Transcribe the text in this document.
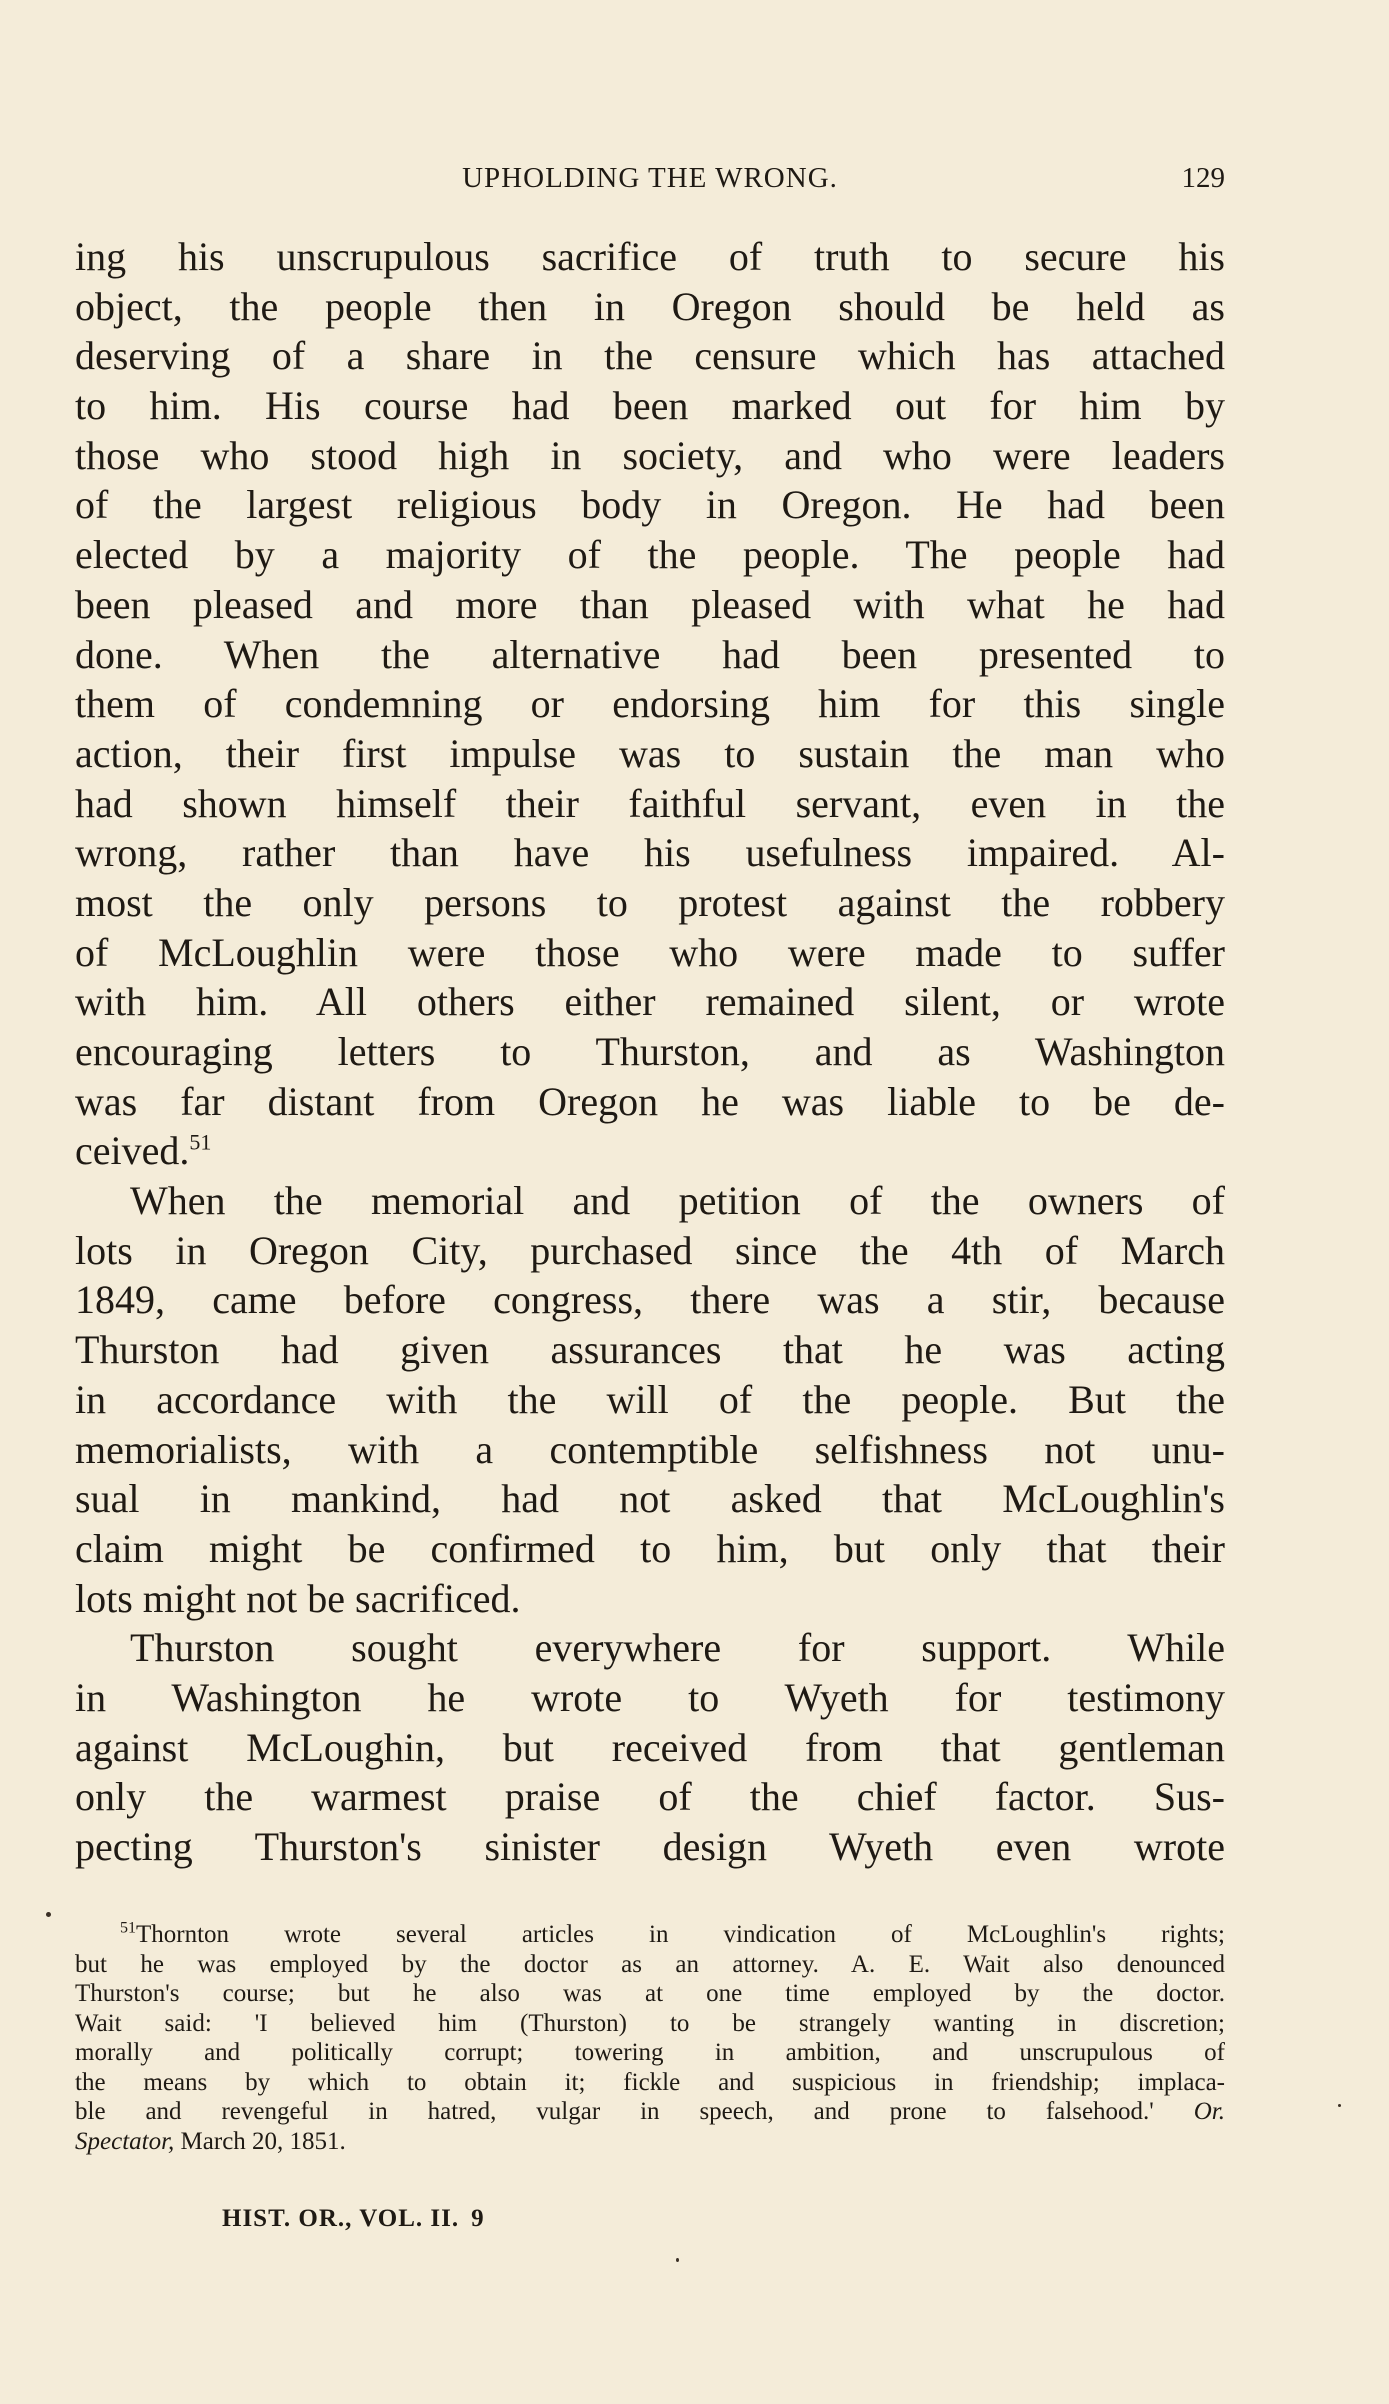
UPHOLDING THE WRONG.	129
ing his unscrupulous sacrifice of truth to secure his
object, the people then in Oregon should be held as
deserving of a share in the censure which has attached
to him. His course had been marked out for him by
those who stood high in society, and who were leaders
of the largest religious body in Oregon. He had been
elected by a majority of the people. The people had
been pleased and more than pleased with what he had
done. When the alternative had been presented to
them of condemning or endorsing him for this single
action, their first impulse was to sustain the man who
had shown himself their faithful servant, even in the
wrong, rather than have his usefulness impaired. Al-
most the only persons to protest against the robbery
of McLoughlin were those who were made to suffer
with him. All others either remained silent, or wrote
encouraging letters to Thurston, and as Washington
was far distant from Oregon he was liable to be de-
ceived.$^{51}$
When the memorial and petition of the owners of
lots in Oregon City, purchased since the 4th of March
1849, came before congress, there was a stir, because
Thurston had given assurances that he was acting
in accordance with the will of the people. But the
memorialists, with a contemptible selfishness not unu-
sual in mankind, had not asked that McLoughlin's
claim might be confirmed to him, but only that their
lots might not be sacrificed.
Thurston sought everywhere for support. While
in Washington he wrote to Wyeth for testimony
against McLoughin, but received from that gentleman
only the warmest praise of the chief factor. Sus-
pecting Thurston's sinister design Wyeth even wrote
$^{51}$Thornton wrote several articles in vindication of McLoughlin's rights;
but he was employed by the doctor as an attorney. A. E. Wait also denounced
Thurston's course; but he also was at one time employed by the doctor.
Wait said: 'I believed him (Thurston) to be strangely wanting in discretion;
morally and politically corrupt; towering in ambition, and unscrupulous of
the means by which to obtain it; fickle and suspicious in friendship; implaca-
ble and revengeful in hatred, vulgar in speech, and prone to falsehood.' Or.
Spectator, March 20, 1851.
HIST. OR., VOL. II. 9
